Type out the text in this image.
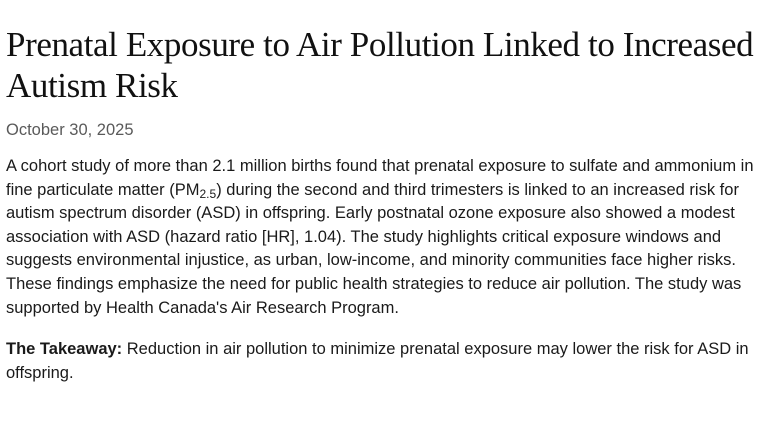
Prenatal Exposure to Air Pollution Linked to Increased Autism Risk
October 30, 2025

A cohort study of more than 2.1 million births found that prenatal exposure to sulfate and ammonium in fine particulate matter $(PM_{2.5})$ during the second and third trimesters is linked to an increased risk for autism spectrum disorder (ASD) in offspring. Early postnatal ozone exposure also showed a modest association with ASD (hazard ratio [HR], 1.04). The study highlights critical exposure windows and suggests environmental injustice, as urban, low-income, and minority communities face higher risks. These findings emphasize the need for public health strategies to reduce air pollution. The study was supported by Health Canada's Air Research Program.

The Takeaway: Reduction in air pollution to minimize prenatal exposure may lower the risk for ASD in offspring.
